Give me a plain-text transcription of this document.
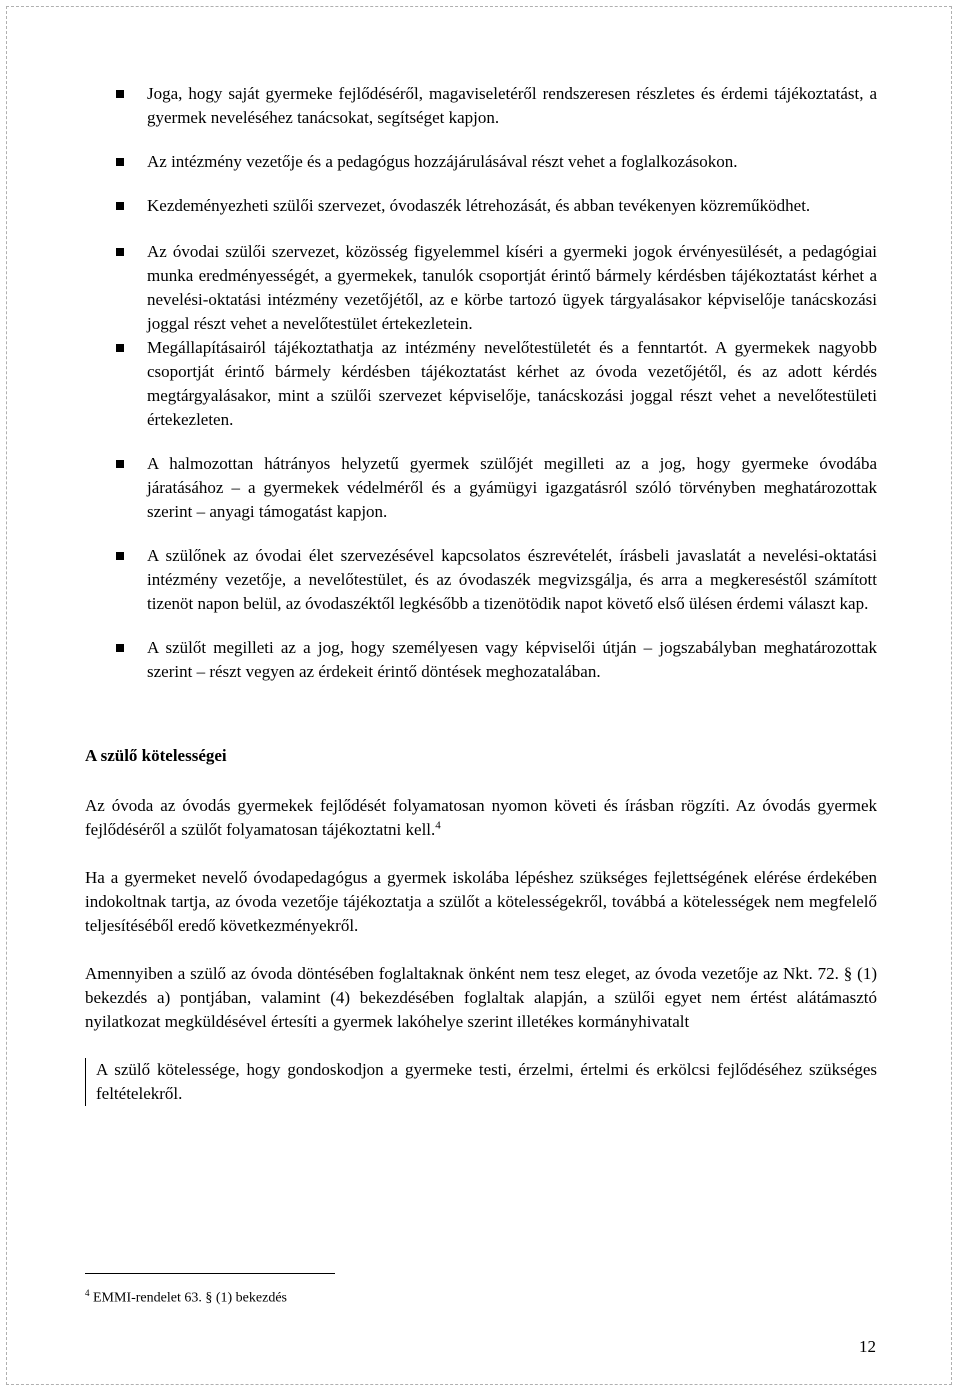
Joga, hogy saját gyermeke fejlődéséről, magaviseletéről rendszeresen részletes és érdemi tájékoztatást, a gyermek neveléséhez tanácsokat, segítséget kapjon.
Az intézmény vezetője és a pedagógus hozzájárulásával részt vehet a foglalkozásokon.
Kezdeményezheti szülői szervezet, óvodaszék létrehozását, és abban tevékenyen közreműködhet.
Az óvodai szülői szervezet, közösség figyelemmel kíséri a gyermeki jogok érvényesülését, a pedagógiai munka eredményességét, a gyermekek, tanulók csoportját érintő bármely kérdésben tájékoztatást kérhet a nevelési-oktatási intézmény vezetőjétől, az e körbe tartozó ügyek tárgyalásakor képviselője tanácskozási joggal részt vehet a nevelőtestület értekezletein.
Megállapításairól tájékoztathatja az intézmény nevelőtestületét és a fenntartót. A gyermekek nagyobb csoportját érintő bármely kérdésben tájékoztatást kérhet az óvoda vezetőjétől, és az adott kérdés megtárgyalásakor, mint a szülői szervezet képviselője, tanácskozási joggal részt vehet a nevelőtestületi értekezleten.
A halmozottan hátrányos helyzetű gyermek szülőjét megilleti az a jog, hogy gyermeke óvodába járatásához – a gyermekek védelméről és a gyámügyi igazgatásról szóló törvényben meghatározottak szerint – anyagi támogatást kapjon.
A szülőnek az óvodai élet szervezésével kapcsolatos észrevételét, írásbeli javaslatát a nevelési-oktatási intézmény vezetője, a nevelőtestület, és az óvodaszék megvizsgálja, és arra a megkereséstől számított tizenöt napon belül, az óvodaszéktől legkésőbb a tizenötödik napot követő első ülésen érdemi választ kap.
A szülőt megilleti az a jog, hogy személyesen vagy képviselői útján – jogszabályban meghatározottak szerint – részt vegyen az érdekeit érintő döntések meghozatalában.
A szülő kötelességei

Az óvoda az óvodás gyermekek fejlődését folyamatosan nyomon követi és írásban rögzíti. Az óvodás gyermek fejlődéséről a szülőt folyamatosan tájékoztatni kell.$^4$

Ha a gyermeket nevelő óvodapedagógus a gyermek iskolába lépéshez szükséges fejlettségének elérése érdekében indokoltnak tartja, az óvoda vezetője tájékoztatja a szülőt a kötelességekről, továbbá a kötelességek nem megfelelő teljesítéséből eredő következményekről.

Amennyiben a szülő az óvoda döntésében foglaltaknak önként nem tesz eleget, az óvoda vezetője az Nkt. 72. § (1) bekezdés a) pontjában, valamint (4) bekezdésében foglaltak alapján, a szülői egyet nem értést alátámasztó nyilatkozat megküldésével értesíti a gyermek lakóhelye szerint illetékes kormányhivatalt

A szülő kötelessége, hogy gondoskodjon a gyermeke testi, érzelmi, értelmi és erkölcsi fejlődéséhez szükséges feltételekről.

$^4$ EMMI-rendelet 63. § (1) bekezdés
12
